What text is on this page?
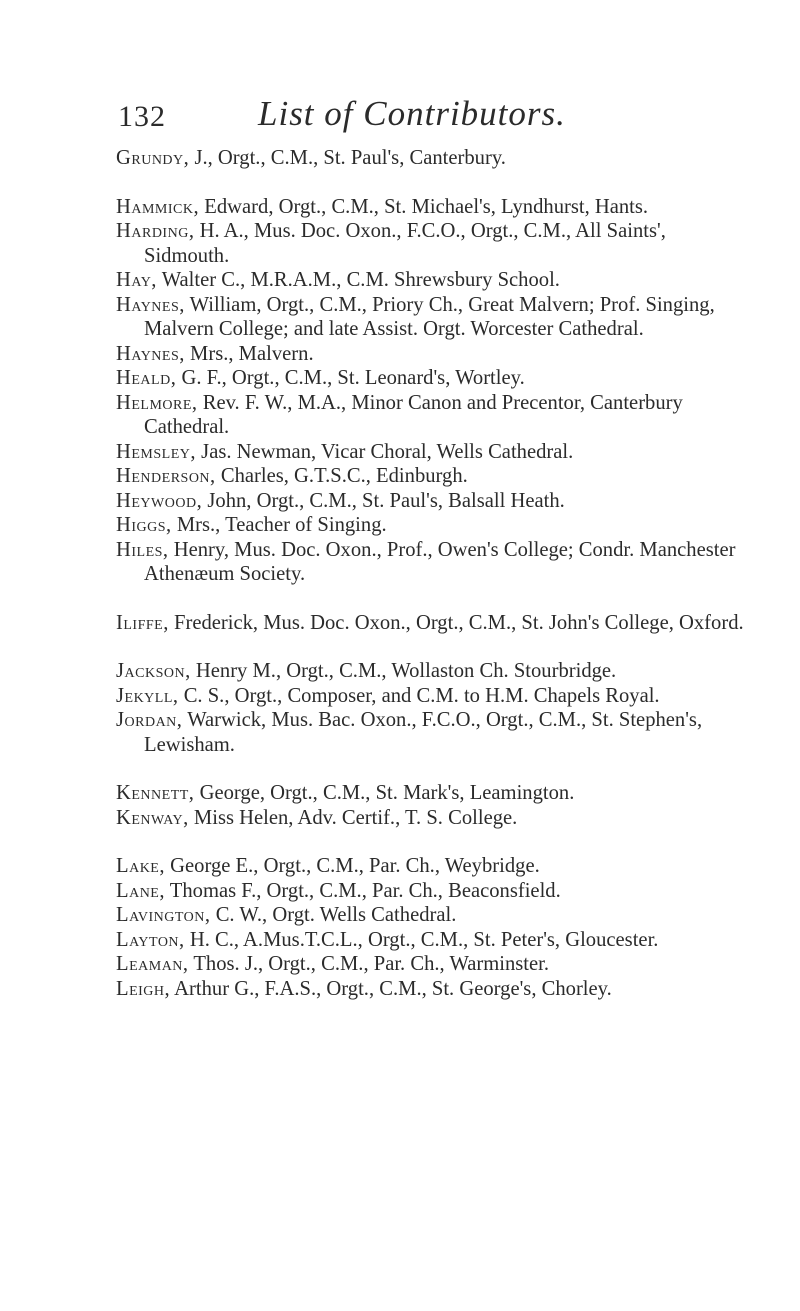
132	List of Contributors.
Grundy, J., Orgt., C.M., St. Paul's, Canterbury.
Hammick, Edward, Orgt., C.M., St. Michael's, Lyndhurst, Hants.
Harding, H. A., Mus. Doc. Oxon., F.C.O., Orgt., C.M., All Saints', Sidmouth.
Hay, Walter C., M.R.A.M., C.M. Shrewsbury School.
Haynes, William, Orgt., C.M., Priory Ch., Great Malvern; Prof. Singing, Malvern College; and late Assist. Orgt. Worcester Cathedral.
Haynes, Mrs., Malvern.
Heald, G. F., Orgt., C.M., St. Leonard's, Wortley.
Helmore, Rev. F. W., M.A., Minor Canon and Precentor, Canterbury Cathedral.
Hemsley, Jas. Newman, Vicar Choral, Wells Cathedral.
Henderson, Charles, G.T.S.C., Edinburgh.
Heywood, John, Orgt., C.M., St. Paul's, Balsall Heath.
Higgs, Mrs., Teacher of Singing.
Hiles, Henry, Mus. Doc. Oxon., Prof., Owen's College; Condr. Manchester Athenæum Society.
Iliffe, Frederick, Mus. Doc. Oxon., Orgt., C.M., St. John's College, Oxford.
Jackson, Henry M., Orgt., C.M., Wollaston Ch. Stourbridge.
Jekyll, C. S., Orgt., Composer, and C.M. to H.M. Chapels Royal.
Jordan, Warwick, Mus. Bac. Oxon., F.C.O., Orgt., C.M., St. Stephen's, Lewisham.
Kennett, George, Orgt., C.M., St. Mark's, Leamington.
Kenway, Miss Helen, Adv. Certif., T. S. College.
Lake, George E., Orgt., C.M., Par. Ch., Weybridge.
Lane, Thomas F., Orgt., C.M., Par. Ch., Beaconsfield.
Lavington, C. W., Orgt. Wells Cathedral.
Layton, H. C., A.Mus.T.C.L., Orgt., C.M., St. Peter's, Gloucester.
Leaman, Thos. J., Orgt., C.M., Par. Ch., Warminster.
Leigh, Arthur G., F.A.S., Orgt., C.M., St. George's, Chorley.
